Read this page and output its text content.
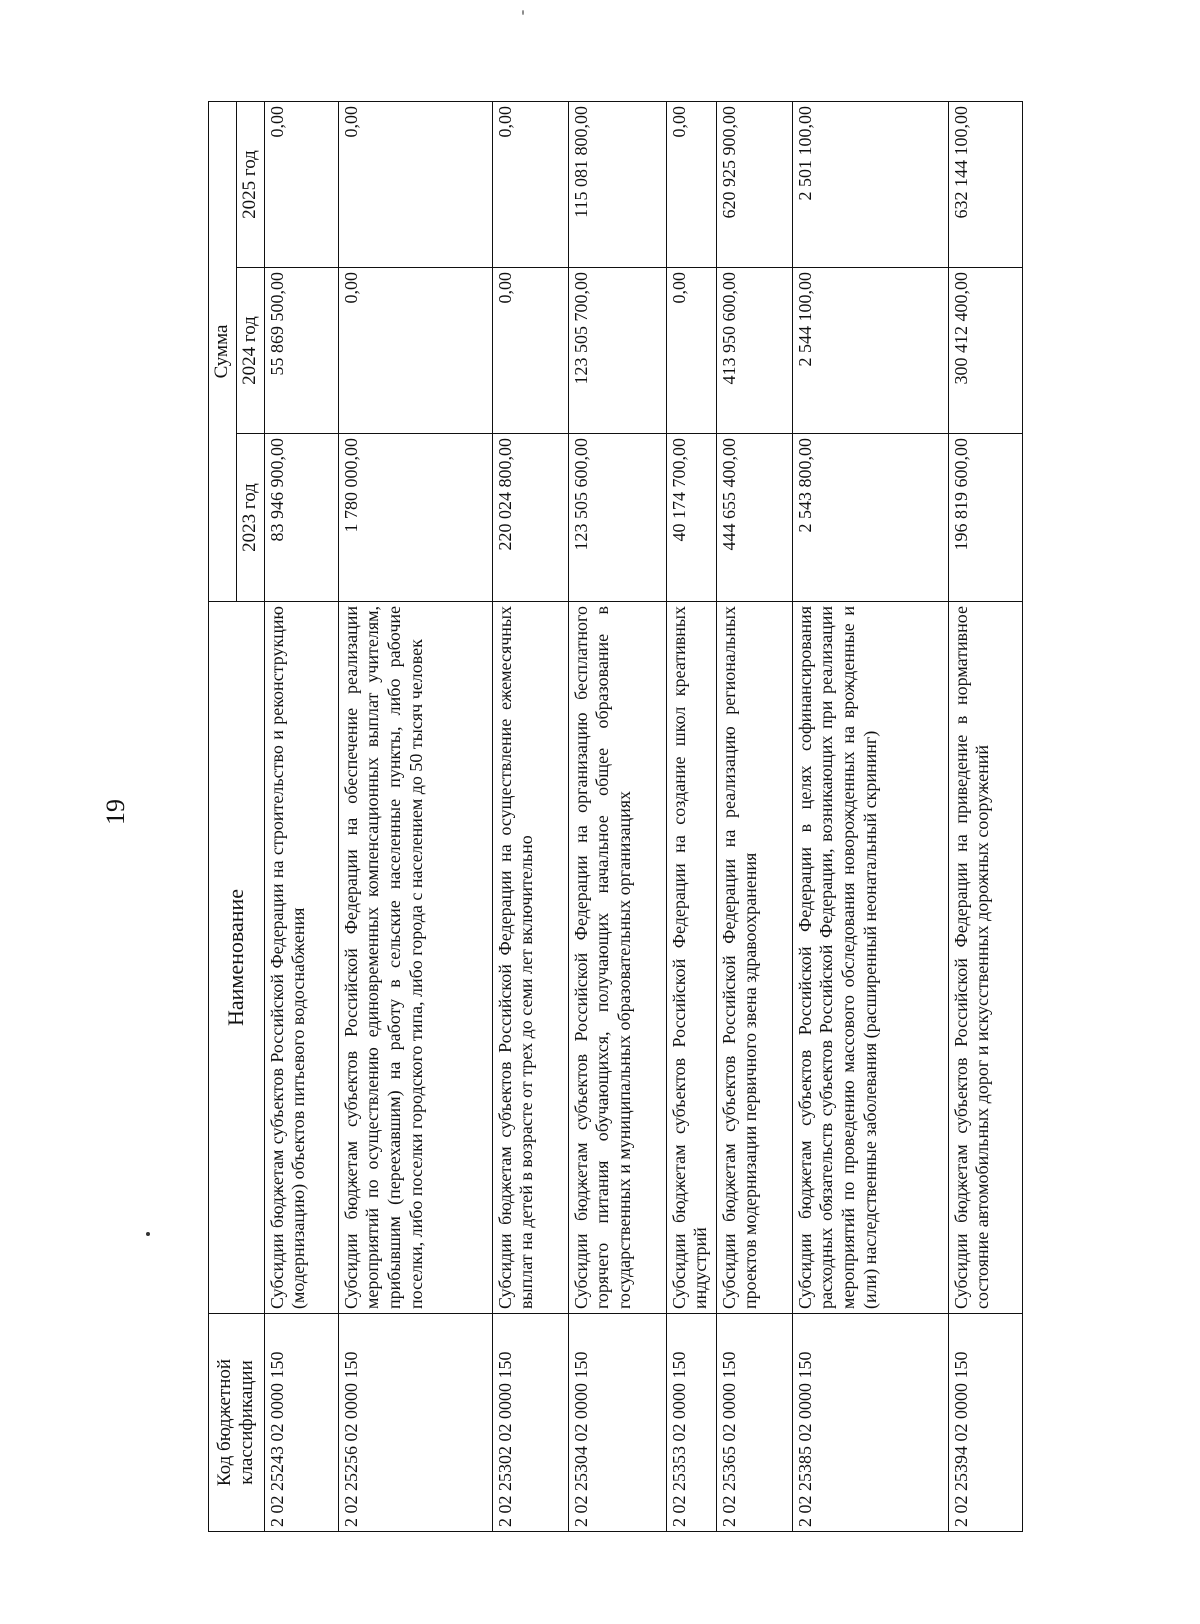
19
Код бюджетной классификации	Наименование	Сумма		
		2023 год	2024 год	2025 год
2 02 25243 02 0000 150	Субсидии бюджетам субъектов Российской Федерации на строительство и реконструкцию (модернизацию) объектов питьевого водоснабжения	83 946 900,00	55 869 500,00	0,00
2 02 25256 02 0000 150	Субсидии бюджетам субъектов Российской Федерации на обеспечение реализации мероприятий по осуществлению единовременных компенсационных выплат учителям, прибывшим (переехавшим) на работу в сельские населенные пункты, либо рабочие поселки, либо поселки городского типа, либо города с населением до 50 тысяч человек	1 780 000,00	0,00	0,00
2 02 25302 02 0000 150	Субсидии бюджетам субъектов Российской Федерации на осуществление ежемесячных выплат на детей в возрасте от трех до семи лет включительно	220 024 800,00	0,00	0,00
2 02 25304 02 0000 150	Субсидии бюджетам субъектов Российской Федерации на организацию бесплатного горячего питания обучающихся, получающих начальное общее образование в государственных и муниципальных образовательных организациях	123 505 600,00	123 505 700,00	115 081 800,00
2 02 25353 02 0000 150	Субсидии бюджетам субъектов Российской Федерации на создание школ креативных индустрий	40 174 700,00	0,00	0,00
2 02 25365 02 0000 150	Субсидии бюджетам субъектов Российской Федерации на реализацию региональных проектов модернизации первичного звена здравоохранения	444 655 400,00	413 950 600,00	620 925 900,00
2 02 25385 02 0000 150	Субсидии бюджетам субъектов Российской Федерации в целях софинансирования расходных обязательств субъектов Российской Федерации, возникающих при реализации мероприятий по проведению массового обследования новорожденных на врожденные и (или) наследственные заболевания (расширенный неонатальный скрининг)	2 543 800,00	2 544 100,00	2 501 100,00
2 02 25394 02 0000 150	Субсидии бюджетам субъектов Российской Федерации на приведение в нормативное состояние автомобильных дорог и искусственных дорожных сооружений	196 819 600,00	300 412 400,00	632 144 100,00
